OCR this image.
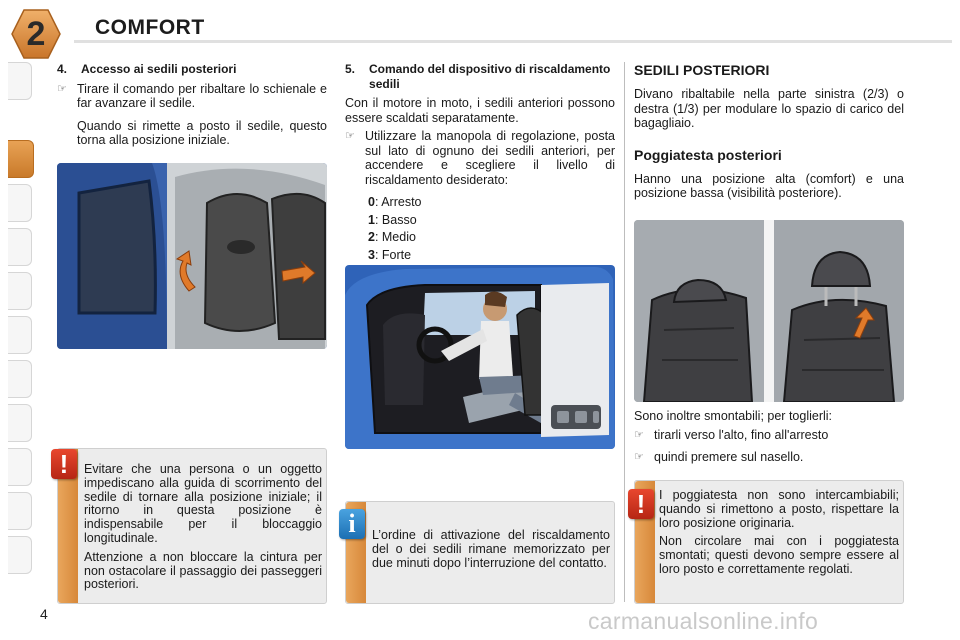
2	COMFORT
4. Accesso ai sedili posteriori
☞ Tirare il comando per ribaltare lo schienale e far avanzare il sedile.

Quando si rimette a posto il sedile, questo torna alla posizione iniziale.

Evitare che una persona o un oggetto impediscano alla guida di scorrimento del sedile di tornare alla posizione iniziale; il ritorno in questa posizione è indispensabile per il bloccaggio longitudinale.

Attenzione a non bloccare la cintura per non ostacolare il passaggio dei passeggeri posteriori.

!
5. Comando del dispositivo di riscaldamento sedili

Con il motore in moto, i sedili anteriori possono essere scaldati separatamente.

☞ Utilizzare la manopola di regolazione, posta sul lato di ognuno dei sedili anteriori, per accendere e scegliere il livello di riscaldamento desiderato:

0: Arresto

1: Basso

2: Medio

3: Forte

L’ordine di attivazione del riscaldamento del o dei sedili rimane memorizzato per due minuti dopo l’interruzione del contatto.

i
SEDILI POSTERIORI

Divano ribaltabile nella parte sinistra (2/3) o destra (1/3) per modulare lo spazio di carico del bagagliaio.

Poggiatesta posteriori

Hanno una posizione alta (comfort) e una posizione bassa (visibilità posteriore).

Sono inoltre smontabili; per toglierli:

☞ tirarli verso l'alto, fino all'arresto

☞ quindi premere sul nasello.

I poggiatesta non sono intercambiabili; quando si rimettono a posto, rispettare la loro posizione originaria.

Non circolare mai con i poggiatesta smontati; questi devono sempre essere al loro posto e correttamente regolati.

!
4	carmanualsonline.info
